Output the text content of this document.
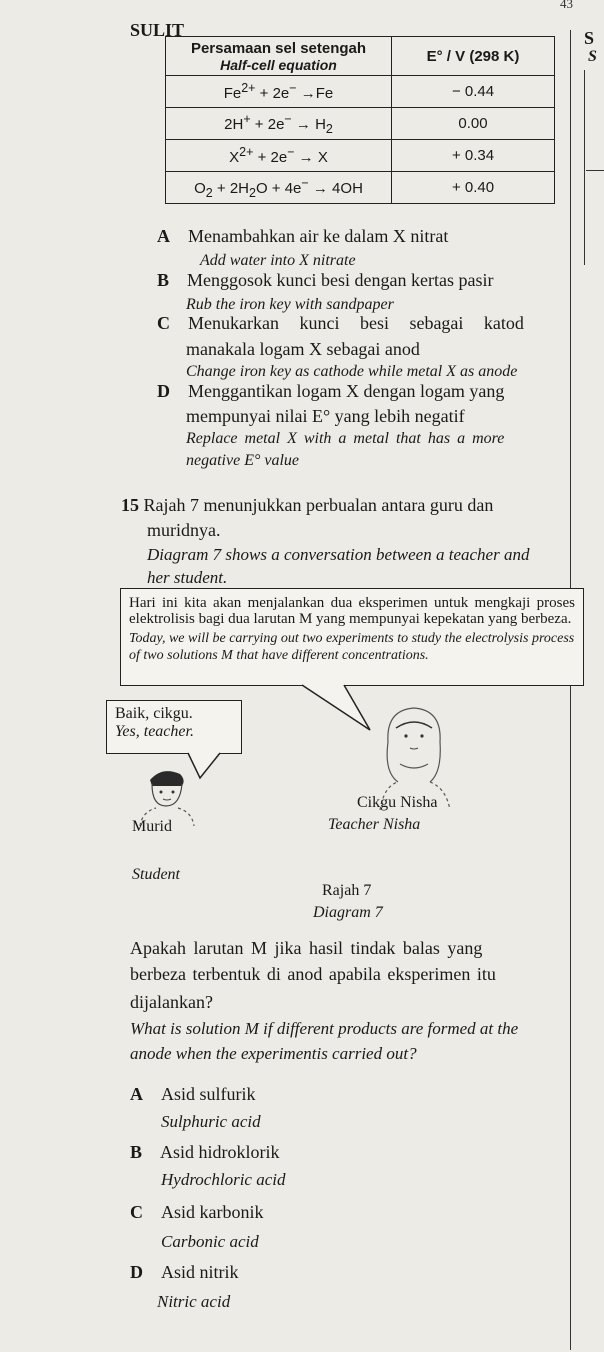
43
SULIT	S
S
Persamaan sel setengah
Half-cell equation	E° / V (298 K)
$Fe^{2+} + 2e^- \to Fe$	− 0.44
$2H^+ + 2e^- \to H_2$	0.00
$X^{2+} + 2e^- \to X$	+ 0.34
$O_2 + 2H_2O + 4e^- \to 4OH$	+ 0.40
A Menambahkan air ke dalam X nitrat
Add water into X nitrate
B Menggosok kunci besi dengan kertas pasir
Rub the iron key with sandpaper
C Menukarkan kunci besi sebagai katod
manakala logam X sebagai anod
Change iron key as cathode while metal X as anode
D Menggantikan logam X dengan logam yang
mempunyai nilai E° yang lebih negatif
Replace metal X with a metal that has a more
negative E° value
15 Rajah 7 menunjukkan perbualan antara guru dan
muridnya.
Diagram 7 shows a conversation between a teacher and
her student.
Hari ini kita akan menjalankan dua eksperimen untuk mengkaji proses elektrolisis bagi dua larutan M yang mempunyai kepekatan yang berbeza.
Today, we will be carrying out two experiments to study the electrolysis process of two solutions M that have different concentrations.
Baik, cikgu.
Yes, teacher.
Cikgu Nisha
Teacher Nisha
Murid
Student
Rajah 7
Diagram 7
Apakah larutan M jika hasil tindak balas yang
berbeza terbentuk di anod apabila eksperimen itu
dijalankan?
What is solution M if different products are formed at the
anode when the experimentis carried out?
A Asid sulfurik
Sulphuric acid
B Asid hidroklorik
Hydrochloric acid
C Asid karbonik
Carbonic acid
D Asid nitrik
Nitric acid
